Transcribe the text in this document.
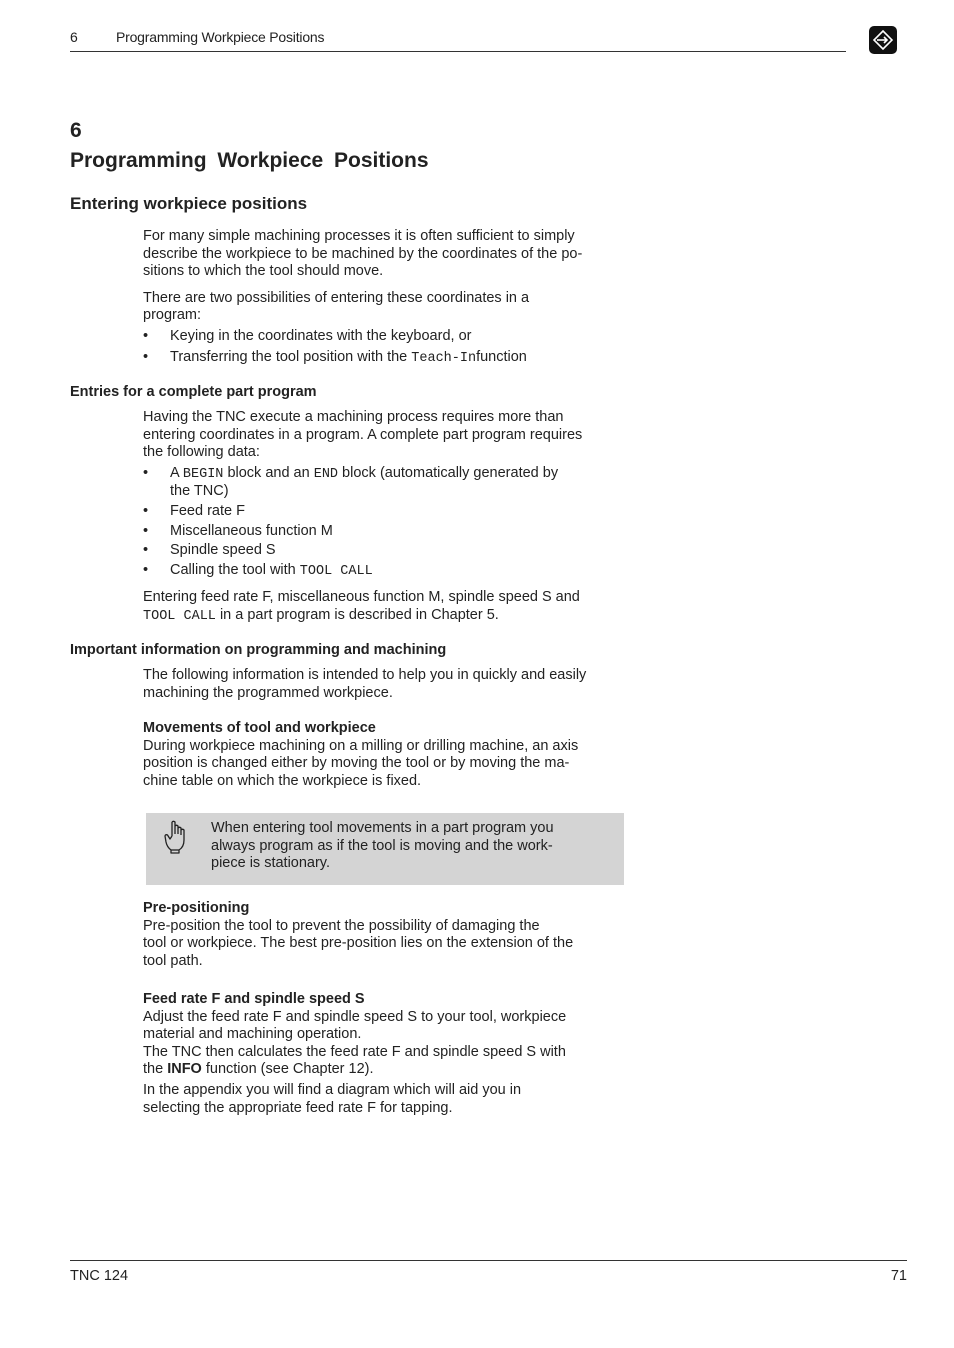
6	Programming Workpiece Positions
6
Programming Workpiece Positions
Entering workpiece positions

For many simple machining processes it is often sufficient to simply

describe the workpiece to be machined by the coordinates of the po-

sitions to which the tool should move.

There are two possibilities of entering these coordinates in a

program:

• Keying in the coordinates with the keyboard, or

• Transferring the tool position with the Teach-Infunction

Entries for a complete part program

Having the TNC execute a machining process requires more than

entering coordinates in a program. A complete part program requires

the following data:

• A BEGIN block and an END block (automatically generated by
the TNC)

• Feed rate F

• Miscellaneous function M

• Spindle speed S

• Calling the tool with TOOL CALL

Entering feed rate F, miscellaneous function M, spindle speed S and

TOOL CALL in a part program is described in Chapter 5.

Important information on programming and machining

The following information is intended to help you in quickly and easily

machining the programmed workpiece.

Movements of tool and workpiece

During workpiece machining on a milling or drilling machine, an axis

position is changed either by moving the tool or by moving the ma-

chine table on which the workpiece is fixed.

When entering tool movements in a part program you
always program as if the tool is moving and the work-
piece is stationary.

Pre-positioning

Pre-position the tool to prevent the possibility of damaging the

tool or workpiece. The best pre-position lies on the extension of the

tool path.

Feed rate F and spindle speed S

Adjust the feed rate F and spindle speed S to your tool, workpiece

material and machining operation.

The TNC then calculates the feed rate F and spindle speed S with

the INFO function (see Chapter 12).

In the appendix you will find a diagram which will aid you in

selecting the appropriate feed rate F for tapping.

TNC 124	71
